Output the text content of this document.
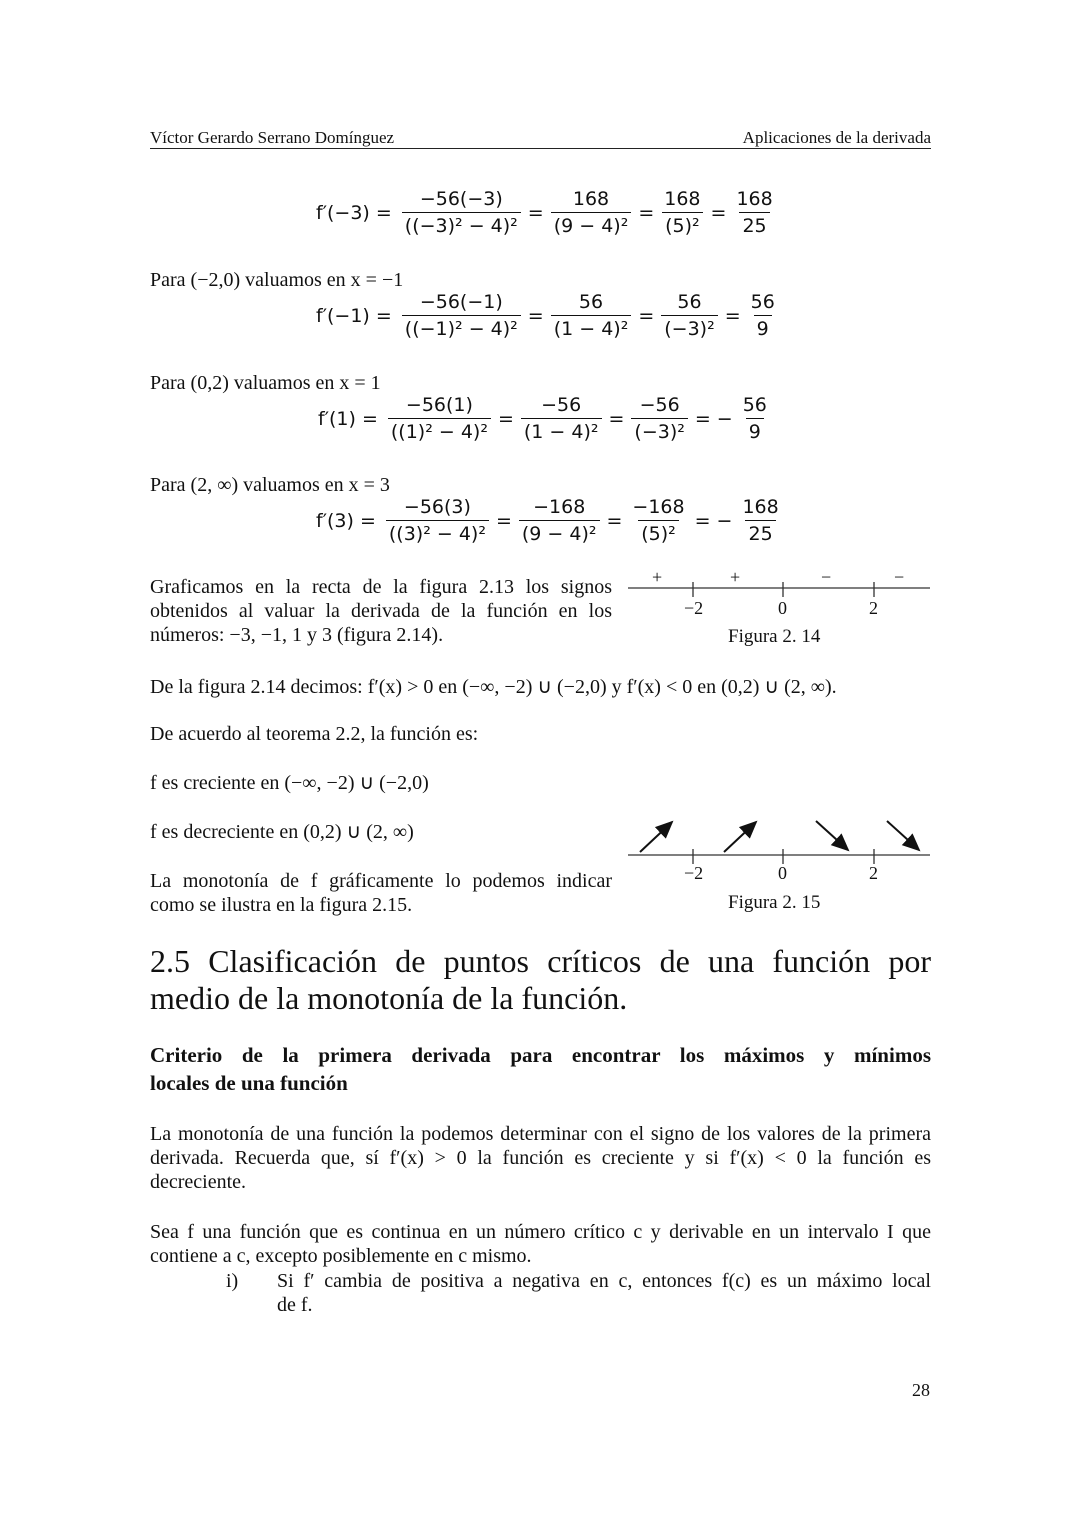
Víctor Gerardo Serrano Domínguez	Aplicaciones de la derivada
$f'(-3) = \frac{-56(-3)}{\text{((−3)² − 4)²}} = \frac{168}{\text{(9 − 4)²}} = \frac{168}{\text{(5)²}} = \frac{168}{25}$
Para (−2,0) valuamos en x = −1
$f'(-1) = \frac{-56(-1)}{\text{((−1)² − 4)²}} = \frac{56}{\text{(1 − 4)²}} = \frac{56}{\text{(−3)²}} = \frac{56}{9}$
Para (0,2) valuamos en x = 1
$f'(1) = \frac{-56(1)}{\text{((1)² − 4)²}} = \frac{-56}{\text{(1 − 4)²}} = \frac{-56}{\text{(−3)²}}$ = − $\frac{56}{9}$
Para (2, ∞) valuamos en x = 3
$f'(3) = \frac{-56(3)}{\text{((3)² − 4)²}} = \frac{-168}{\text{(9 − 4)²}} = \frac{-168}{\text{(5)²}}$ = − $\frac{168}{25}$
Graficamos en la recta de la figura 2.13 los signos
obtenidos al valuar la derivada de la función en los
números: −3, −1, 1 y 3 (figura 2.14).
+	+	−	−
−2	0	2
Figura 2. 14
De la figura 2.14 decimos: f′(x) > 0 en (−∞, −2) ∪ (−2,0) y f′(x) < 0 en (0,2) ∪ (2, ∞).
De acuerdo al teorema 2.2, la función es:
f es creciente en (−∞, −2) ∪ (−2,0)
f es decreciente en (0,2) ∪ (2, ∞)
La monotonía de f gráficamente lo podemos indicar
como se ilustra en la figura 2.15.
−2	0	2
Figura 2. 15
2.5 Clasificación de puntos críticos de una función por
medio de la monotonía de la función.
Criterio de la primera derivada para encontrar los máximos y mínimos
locales de una función
La monotonía de una función la podemos determinar con el signo de los valores de la primera
derivada. Recuerda que, sí f′(x) > 0 la función es creciente y si f′(x) < 0 la función es
decreciente.
Sea f una función que es continua en un número crítico c y derivable en un intervalo I que
contiene a c, excepto posiblemente en c mismo.
i) Si f′ cambia de positiva a negativa en c, entonces f(c) es un máximo local
de f.
28
